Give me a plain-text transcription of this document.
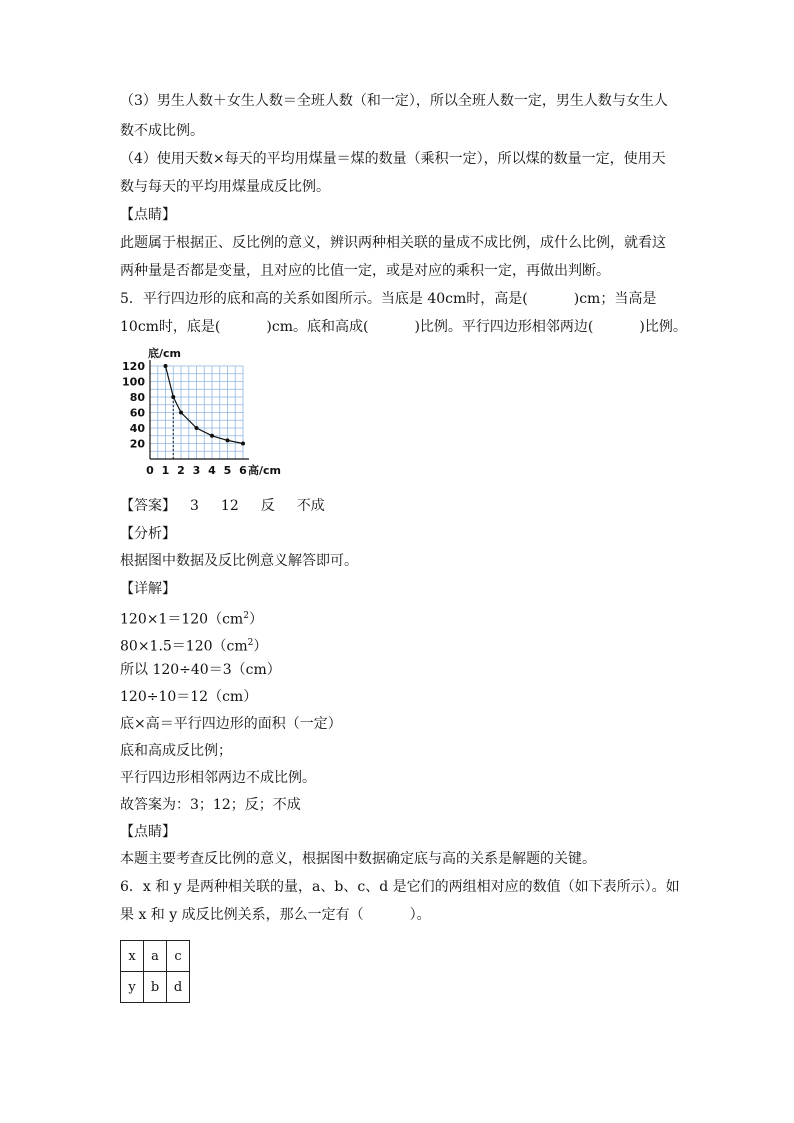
（3）男生人数＋女生人数＝全班人数（和一定），所以全班人数一定，男生人数与女生人
数不成比例。
（4）使用天数×每天的平均用煤量＝煤的数量（乘积一定），所以煤的数量一定，使用天
数与每天的平均用煤量成反比例。
【点睛】
此题属于根据正、反比例的意义，辨识两种相关联的量成不成比例，成什么比例，就看这
两种量是否都是变量，且对应的比值一定，或是对应的乘积一定，再做出判断。
5．平行四边形的底和高的关系如图所示。当底是 40cm时，高是(	)cm；当高是
10cm时，底是(	)cm。底和高成(	)比例。平行四边形相邻两边(	)比例。
底/cm
20
40
60
80
100
120
0 1 2 3 4 5 6 高/cm
【答案】 3 12 反 不成
【分析】
根据图中数据及反比例意义解答即可。
【详解】
$120\times 1=120(cm^2)$
$80\times 1.5=120(cm^2)$
所以 120÷40＝3（cm）
120÷10＝12（cm）
底×高＝平行四边形的面积（一定）
底和高成反比例；
平行四边形相邻两边不成比例。
故答案为：3；12；反；不成
【点睛】
本题主要考查反比例的意义，根据图中数据确定底与高的关系是解题的关键。
6．x 和 y 是两种相关联的量，a、b、c、d 是它们的两组相对应的数值（如下表所示）。如
果 x 和 y 成反比例关系，那么一定有（	）。
x	a	c
y	b	d
